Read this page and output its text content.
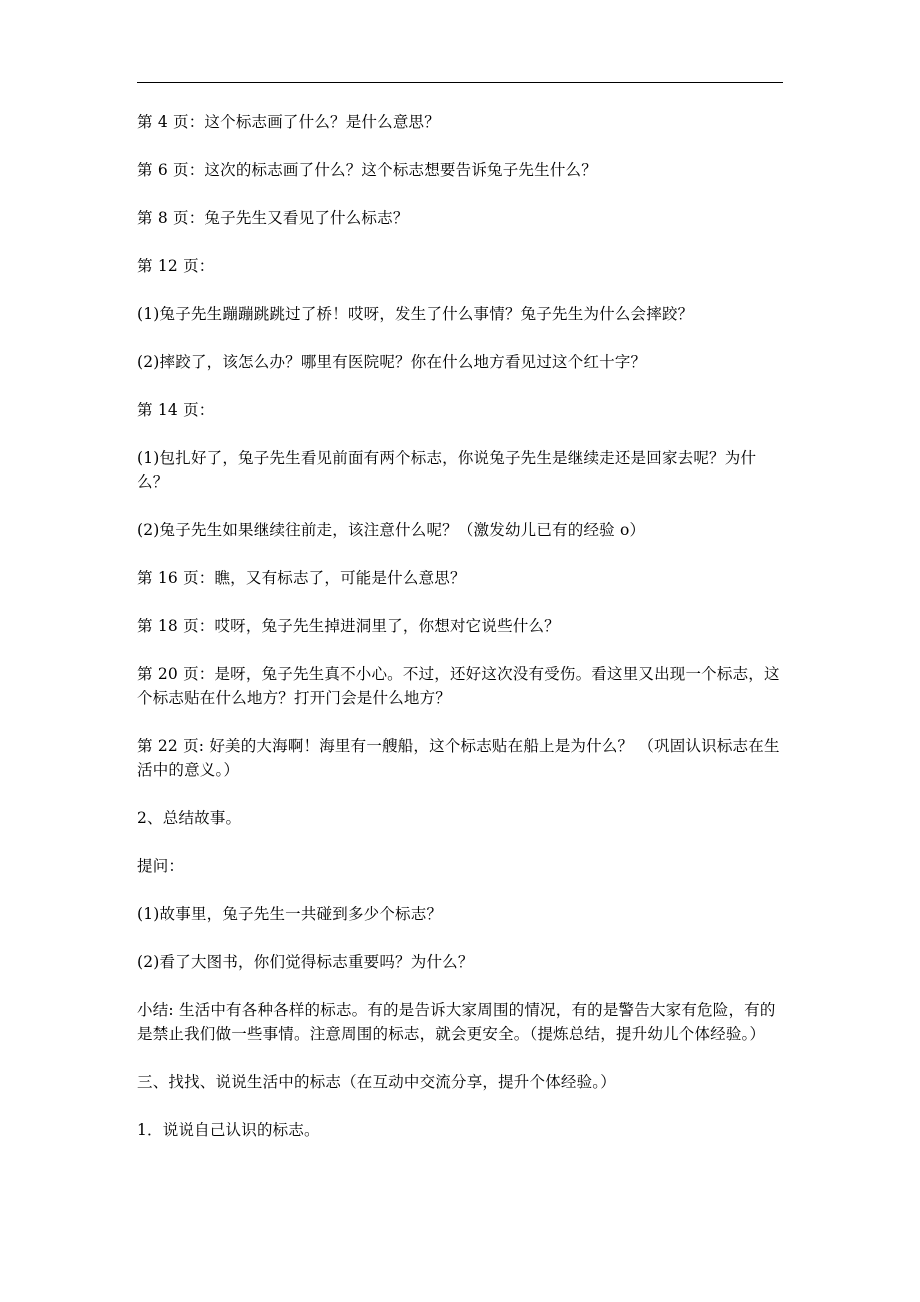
第 4 页：这个标志画了什么？是什么意思？

第 6 页：这次的标志画了什么？这个标志想要告诉兔子先生什么？

第 8 页：兔子先生又看见了什么标志？

第 12 页：

(1)兔子先生蹦蹦跳跳过了桥！哎呀，发生了什么事情？兔子先生为什么会摔跤？

(2)摔跤了，该怎么办？哪里有医院呢？你在什么地方看见过这个红十字？

第 14 页：

(1)包扎好了，兔子先生看见前面有两个标志，你说兔子先生是继续走还是回家去呢？为什么？

(2)兔子先生如果继续往前走，该注意什么呢？（激发幼儿已有的经验 o）

第 16 页：瞧，又有标志了，可能是什么意思？

第 18 页：哎呀，兔子先生掉进洞里了，你想对它说些什么？

第 20 页：是呀，兔子先生真不小心。不过，还好这次没有受伤。看这里又出现一个标志，这个标志贴在什么地方？打开门会是什么地方？

第 22 页: 好美的大海啊！海里有一艘船，这个标志贴在船上是为什么？ （巩固认识标志在生活中的意义。）

2、总结故事。

提问：

(1)故事里，兔子先生一共碰到多少个标志？

(2)看了大图书，你们觉得标志重要吗？为什么？

小结: 生活中有各种各样的标志。有的是告诉大家周围的情况，有的是警告大家有危险，有的是禁止我们做一些事情。注意周围的标志，就会更安全。（提炼总结，提升幼儿个体经验。）

三、找找、说说生活中的标志（在互动中交流分享，提升个体经验。）

1．说说自己认识的标志。
